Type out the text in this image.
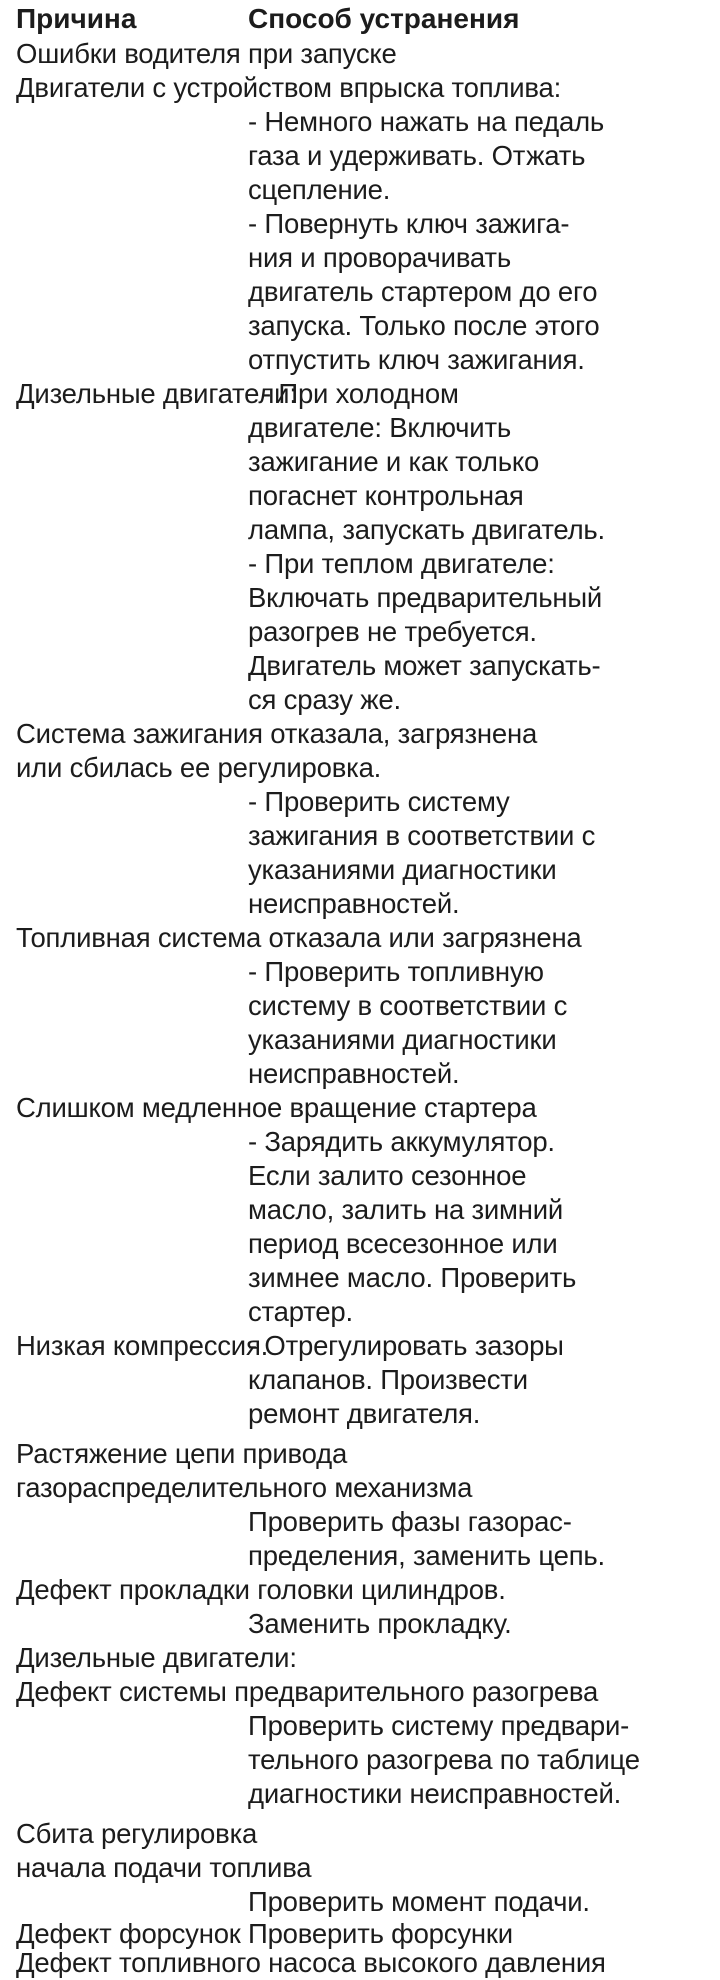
Причина	Способ устранения
Ошибки водителя при запуске
Двигатели с устройством впрыска топлива:
- Немного нажать на педаль
газа и удерживать. Отжать
сцепление.
- Повернуть ключ зажига-
ния и проворачивать
двигатель стартером до его
запуска. Только после этого
отпустить ключ зажигания.
Дизельные двигатели:
- При холодном
двигателе: Включить
зажигание и как только
погаснет контрольная
лампа, запускать двигатель.
- При теплом двигателе:
Включать предварительный
разогрев не требуется.
Двигатель может запускать-
ся сразу же.
Система зажигания отказала, загрязнена
или сбилась ее регулировка.
- Проверить систему
зажигания в соответствии с
указаниями диагностики
неисправностей.
Топливная система отказала или загрязнена
- Проверить топливную
систему в соответствии с
указаниями диагностики
неисправностей.
Слишком медленное вращение стартера
- Зарядить аккумулятор.
Если залито сезонное
масло, залить на зимний
период всесезонное или
зимнее масло. Проверить
стартер.
Низкая компрессия.
- Отрегулировать зазоры
клапанов. Произвести
ремонт двигателя.
Растяжение цепи привода
газораспределительного механизма
Проверить фазы газорас-
пределения, заменить цепь.
Дефект прокладки головки цилиндров.
Заменить прокладку.
Дизельные двигатели:
Дефект системы предварительного разогрева
Проверить систему предвари-
тельного разогрева по таблице
диагностики неисправностей.
Сбита регулировка
начала подачи топлива
Проверить момент подачи.
Дефект форсунок Проверить форсунки
Дефект топливного насоса высокого давления
